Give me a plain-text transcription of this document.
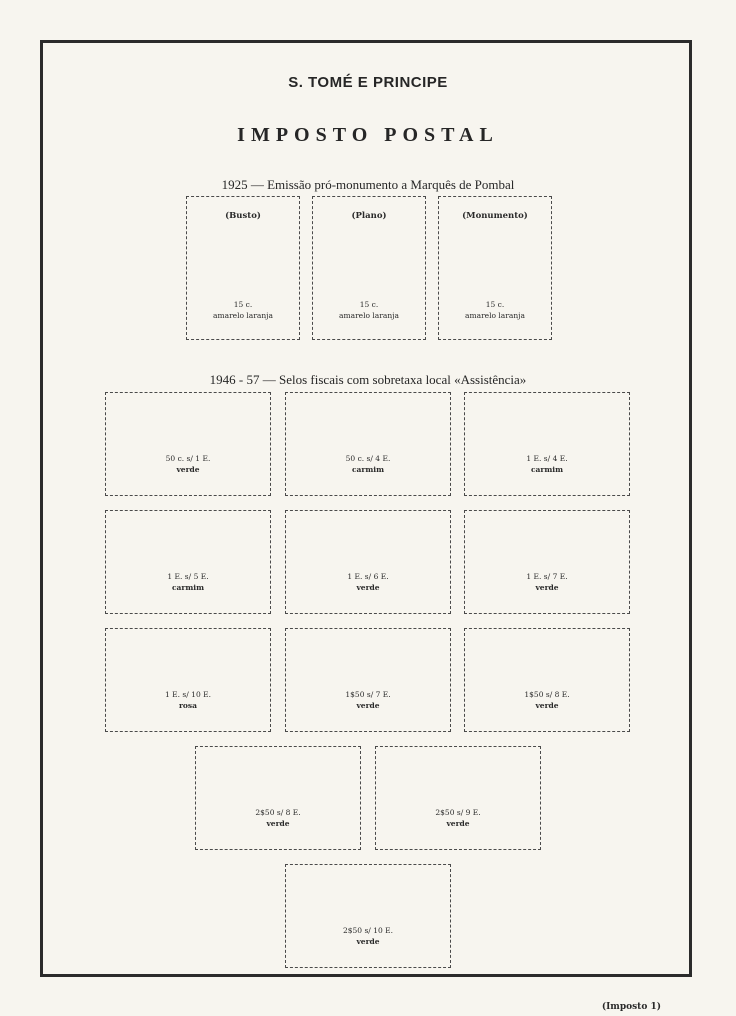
S. TOMÉ E PRINCIPE
IMPOSTO POSTAL
1925 — Emissão pró-monumento a Marquês de Pombal
(Busto)
15 c.
amarelo laranja
(Plano)
15 c.
amarelo laranja
(Monumento)
15 c.
amarelo laranja
1946 - 57 — Selos fiscais com sobretaxa local «Assistência»
50 c. s/ 1 E.
verde
50 c. s/ 4 E.
carmim
1 E. s/ 4 E.
carmim
1 E. s/ 5 E.
carmim
1 E. s/ 6 E.
verde
1 E. s/ 7 E.
verde
1 E. s/ 10 E.
rosa
1$50 s/ 7 E.
verde
1$50 s/ 8 E.
verde
2$50 s/ 8 E.
verde
2$50 s/ 9 E.
verde
2$50 s/ 10 E.
verde
(Imposto 1)
